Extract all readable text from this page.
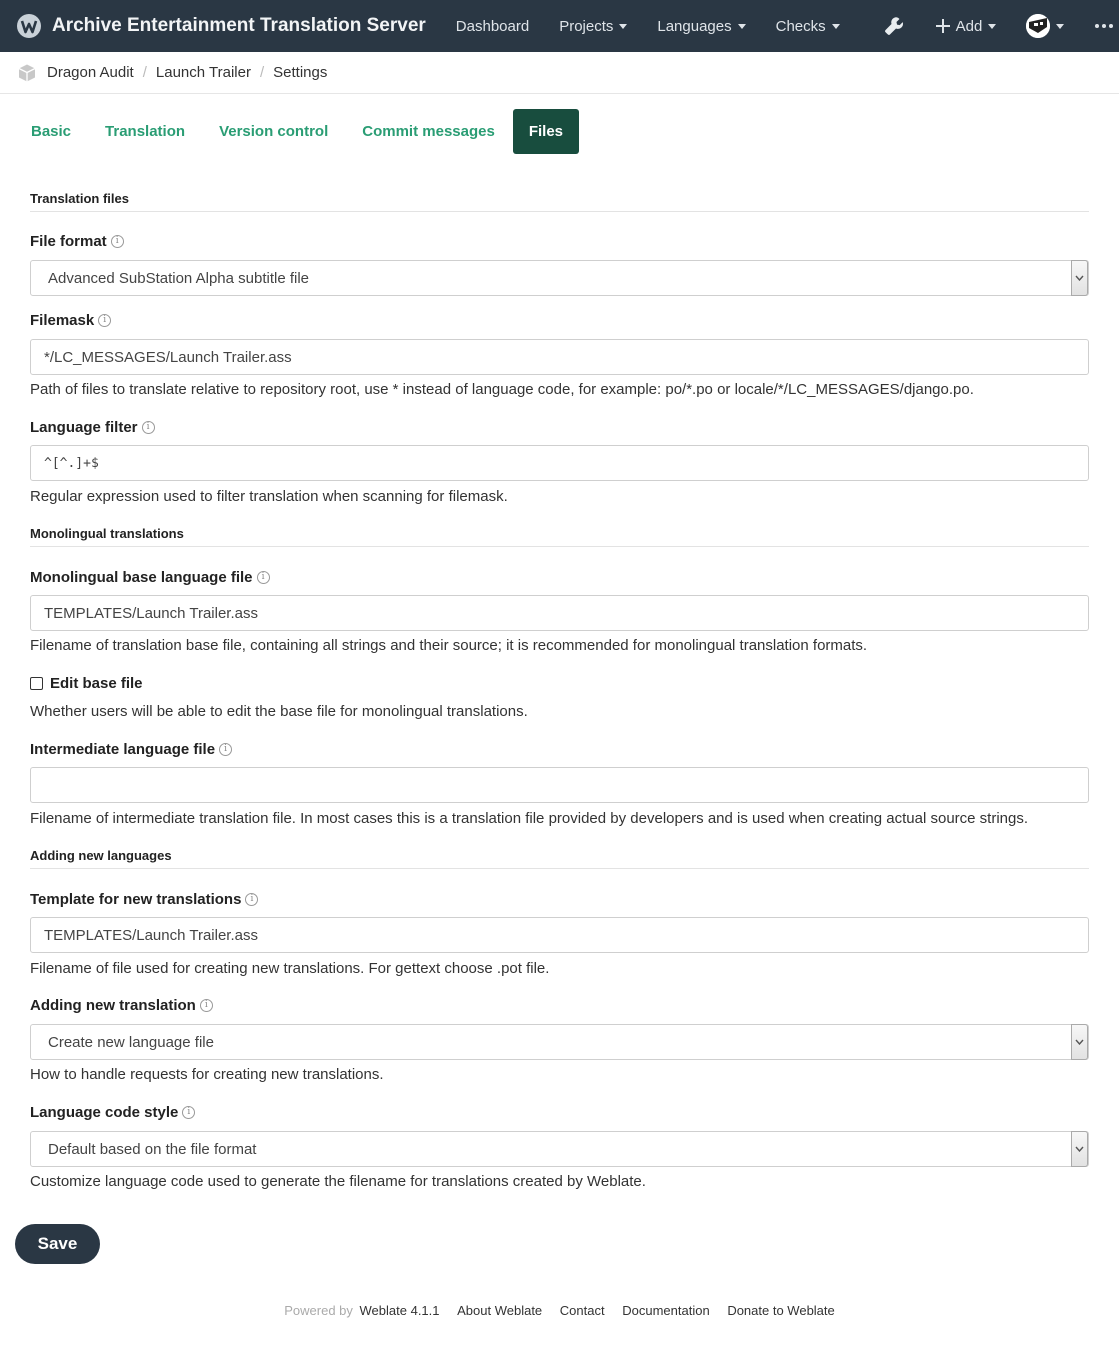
Archive Entertainment Translation Server Dashboard Projects	Languages	Checks	Add
Dragon Audit / Launch Trailer / Settings
Basic	Translation	Version control	Commit messages	Files
Translation files
File format	i
Advanced SubStation Alpha subtitle file
Filemask	i
*/LC_MESSAGES/Launch Trailer.ass
Path of files to translate relative to repository root, use * instead of language code, for example: po/*.po or locale/*/LC_MESSAGES/django.po.
Language filter	i
^[^.]+$
Regular expression used to filter translation when scanning for filemask.
Monolingual translations
Monolingual base language file	i
TEMPLATES/Launch Trailer.ass
Filename of translation base file, containing all strings and their source; it is recommended for monolingual translation formats.
Edit base file
Whether users will be able to edit the base file for monolingual translations.
Intermediate language file	i
Filename of intermediate translation file. In most cases this is a translation file provided by developers and is used when creating actual source strings.
Adding new languages
Template for new translations	i
TEMPLATES/Launch Trailer.ass
Filename of file used for creating new translations. For gettext choose .pot file.
Adding new translation	i
Create new language file
How to handle requests for creating new translations.
Language code style	i
Default based on the file format
Customize language code used to generate the filename for translations created by Weblate.
Save
Powered by Weblate 4.1.1 About Weblate Contact Documentation Donate to Weblate
